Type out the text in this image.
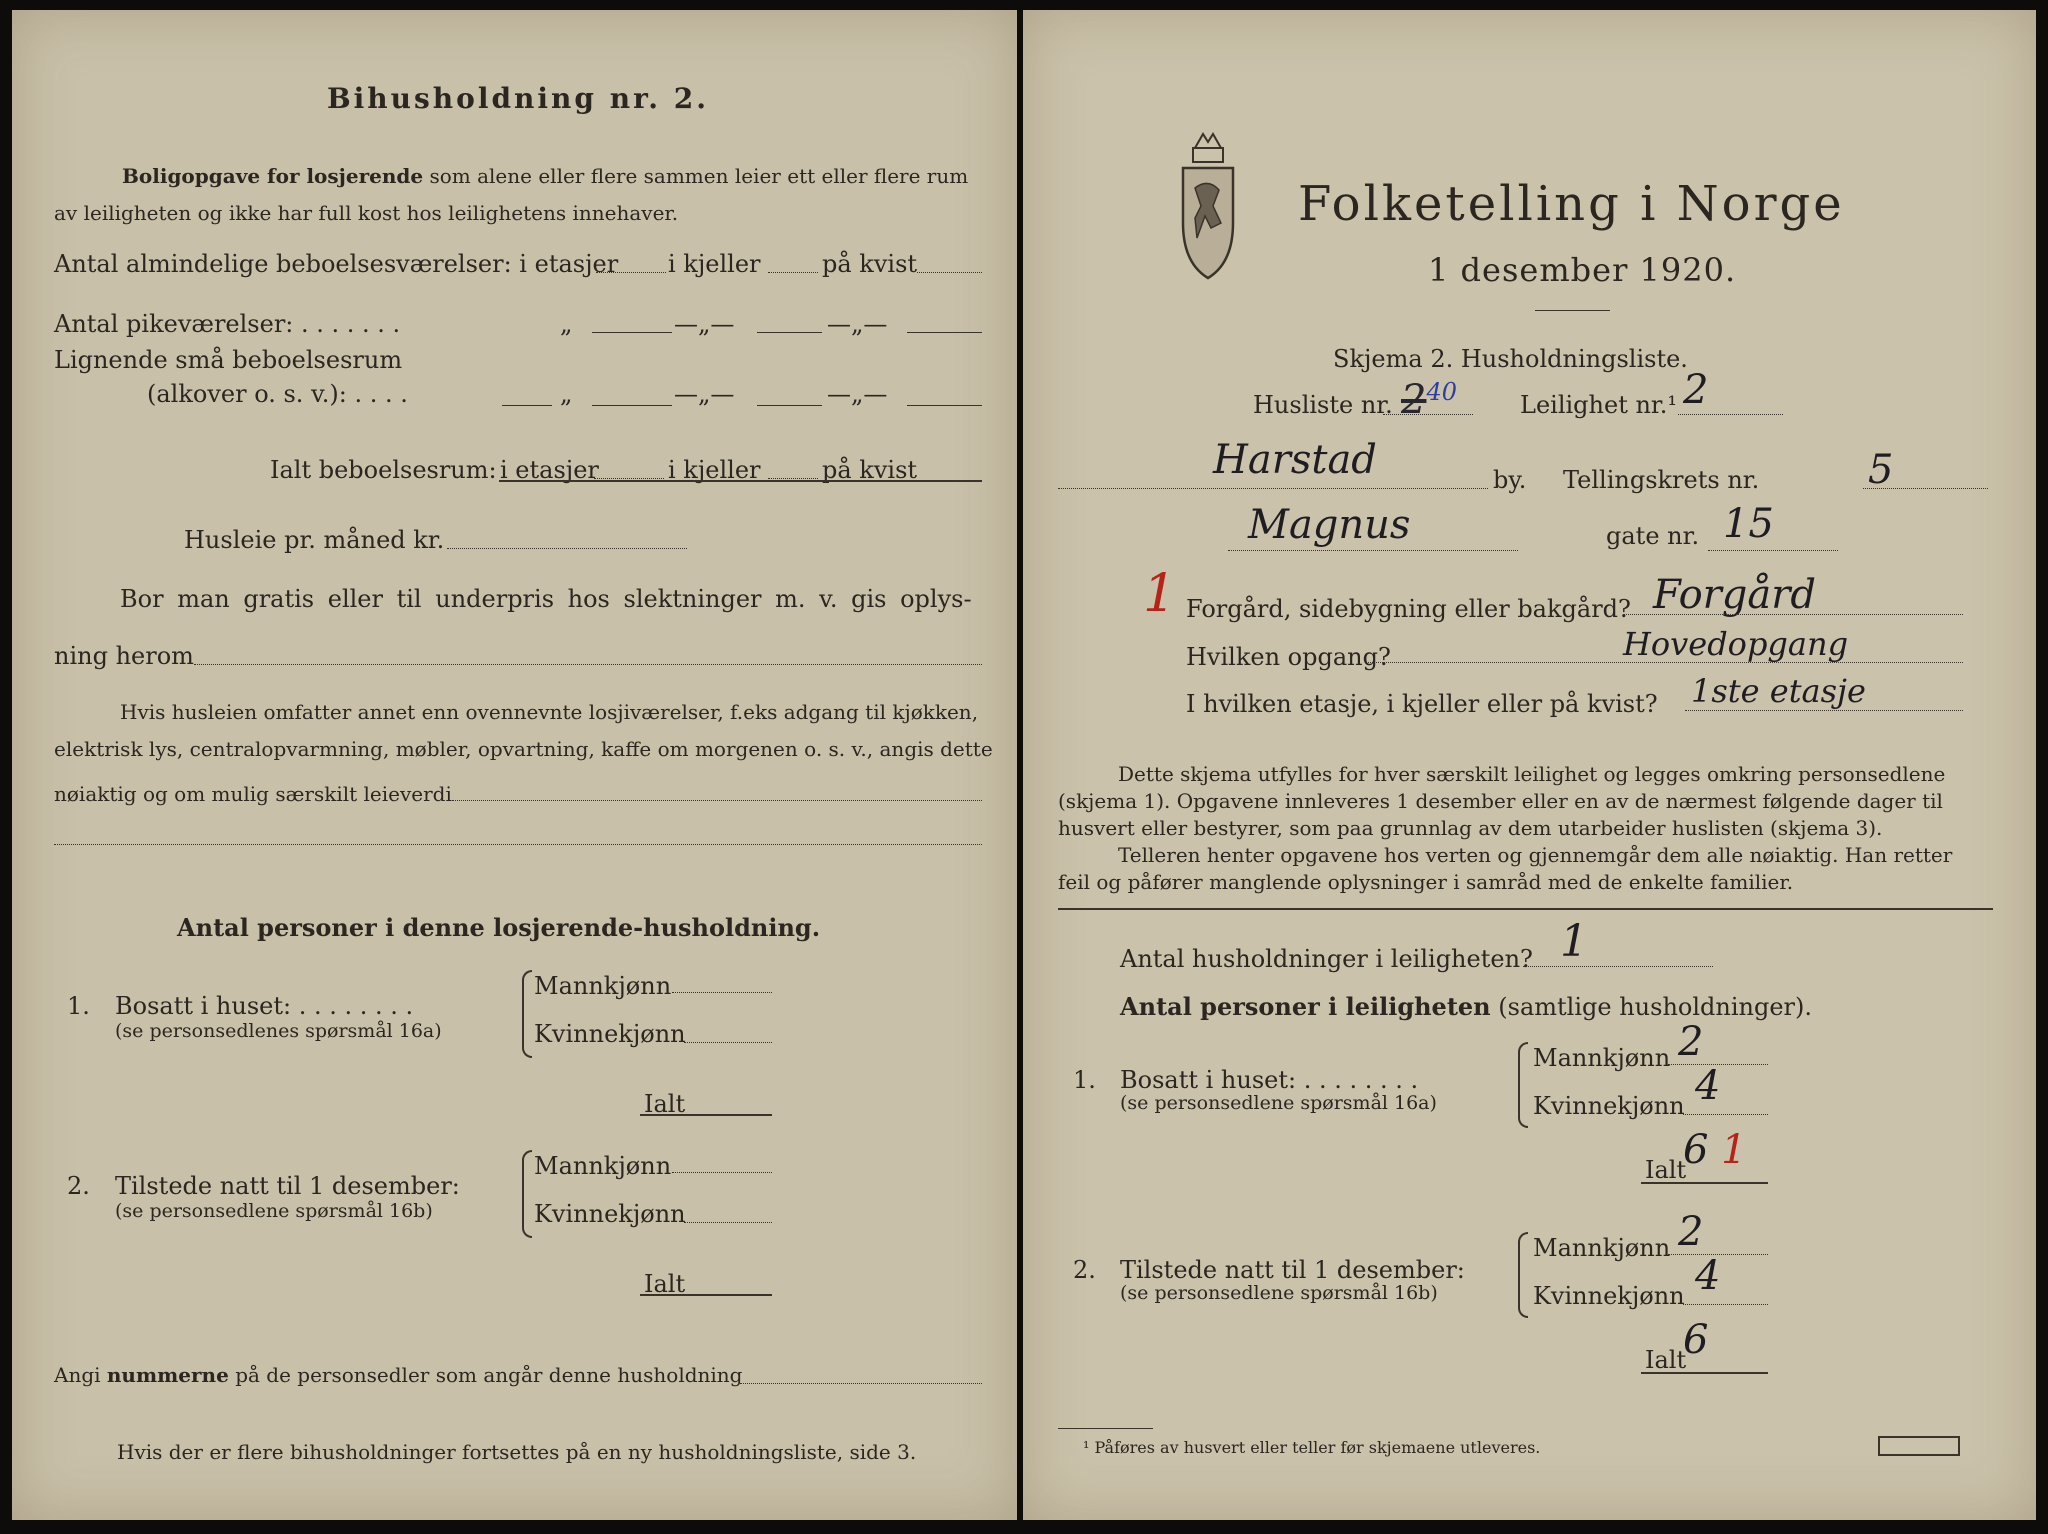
Bihusholdning nr. 2.
Boligopgave for losjerende som alene eller flere sammen leier ett eller flere rum
av leiligheten og ikke har full kost hos leilighetens innehaver.
Antal almindelige beboelsesværelser: i etasjer i kjeller	på kvist
Antal pikeværelser: . . . . . . .	„	—„—	—„—
Lignende små beboelsesrum
(alkover o. s. v.): . . . .	„	—„—	—„—
Ialt beboelsesrum: i etasjer	i kjeller	på kvist
Husleie pr. måned kr.
Bor man gratis eller til underpris hos slektninger m. v. gis oplys-
ning herom
Hvis husleien omfatter annet enn ovennevnte losjiværelser, f.eks adgang til kjøkken,
elektrisk lys, centralopvarmning, møbler, opvartning, kaffe om morgenen o. s. v., angis dette
nøiaktig og om mulig særskilt leieverdi
Antal personer i denne losjerende-husholdning.
1. Bosatt i huset: . . . . . . . .
(se personsedlenes spørsmål 16a)
Mannkjønn
Kvinnekjønn
Ialt
2. Tilstede natt til 1 desember:
(se personsedlene spørsmål 16b)
Mannkjønn
Kvinnekjønn
Ialt
Angi nummerne på de personsedler som angår denne husholdning
Hvis der er flere bihusholdninger fortsettes på en ny husholdningsliste, side 3.
Folketelling i Norge
1 desember 1920.
Skjema 2. Husholdningsliste.
Husliste nr. $2^{40}$	Leilighet nr.¹ 2
Harstad	by. Tellingskrets nr.	5
Magnus	gate nr. 15
1 Forgård, sidebygning eller bakgård? Forgård
Hvilken opgang?	Hovedopgang
I hvilken etasje, i kjeller eller på kvist? 1ste etasje
Dette skjema utfylles for hver særskilt leilighet og legges omkring personsedlene
(skjema 1). Opgavene innleveres 1 desember eller en av de nærmest følgende dager til
husvert eller bestyrer, som paa grunnlag av dem utarbeider huslisten (skjema 3).
Telleren henter opgavene hos verten og gjennemgår dem alle nøiaktig. Han retter
feil og påfører manglende oplysninger i samråd med de enkelte familier.
Antal husholdninger i leiligheten? 1
Antal personer i leiligheten (samtlige husholdninger).
1. Bosatt i huset: . . . . . . . .
(se personsedlene spørsmål 16a)
Mannkjønn 2
Kvinnekjønn 4
Ialt
6 1
2. Tilstede natt til 1 desember:
(se personsedlene spørsmål 16b)
Mannkjønn 2
Kvinnekjønn 4
Ialt
6
¹ Påføres av husvert eller teller før skjemaene utleveres.
